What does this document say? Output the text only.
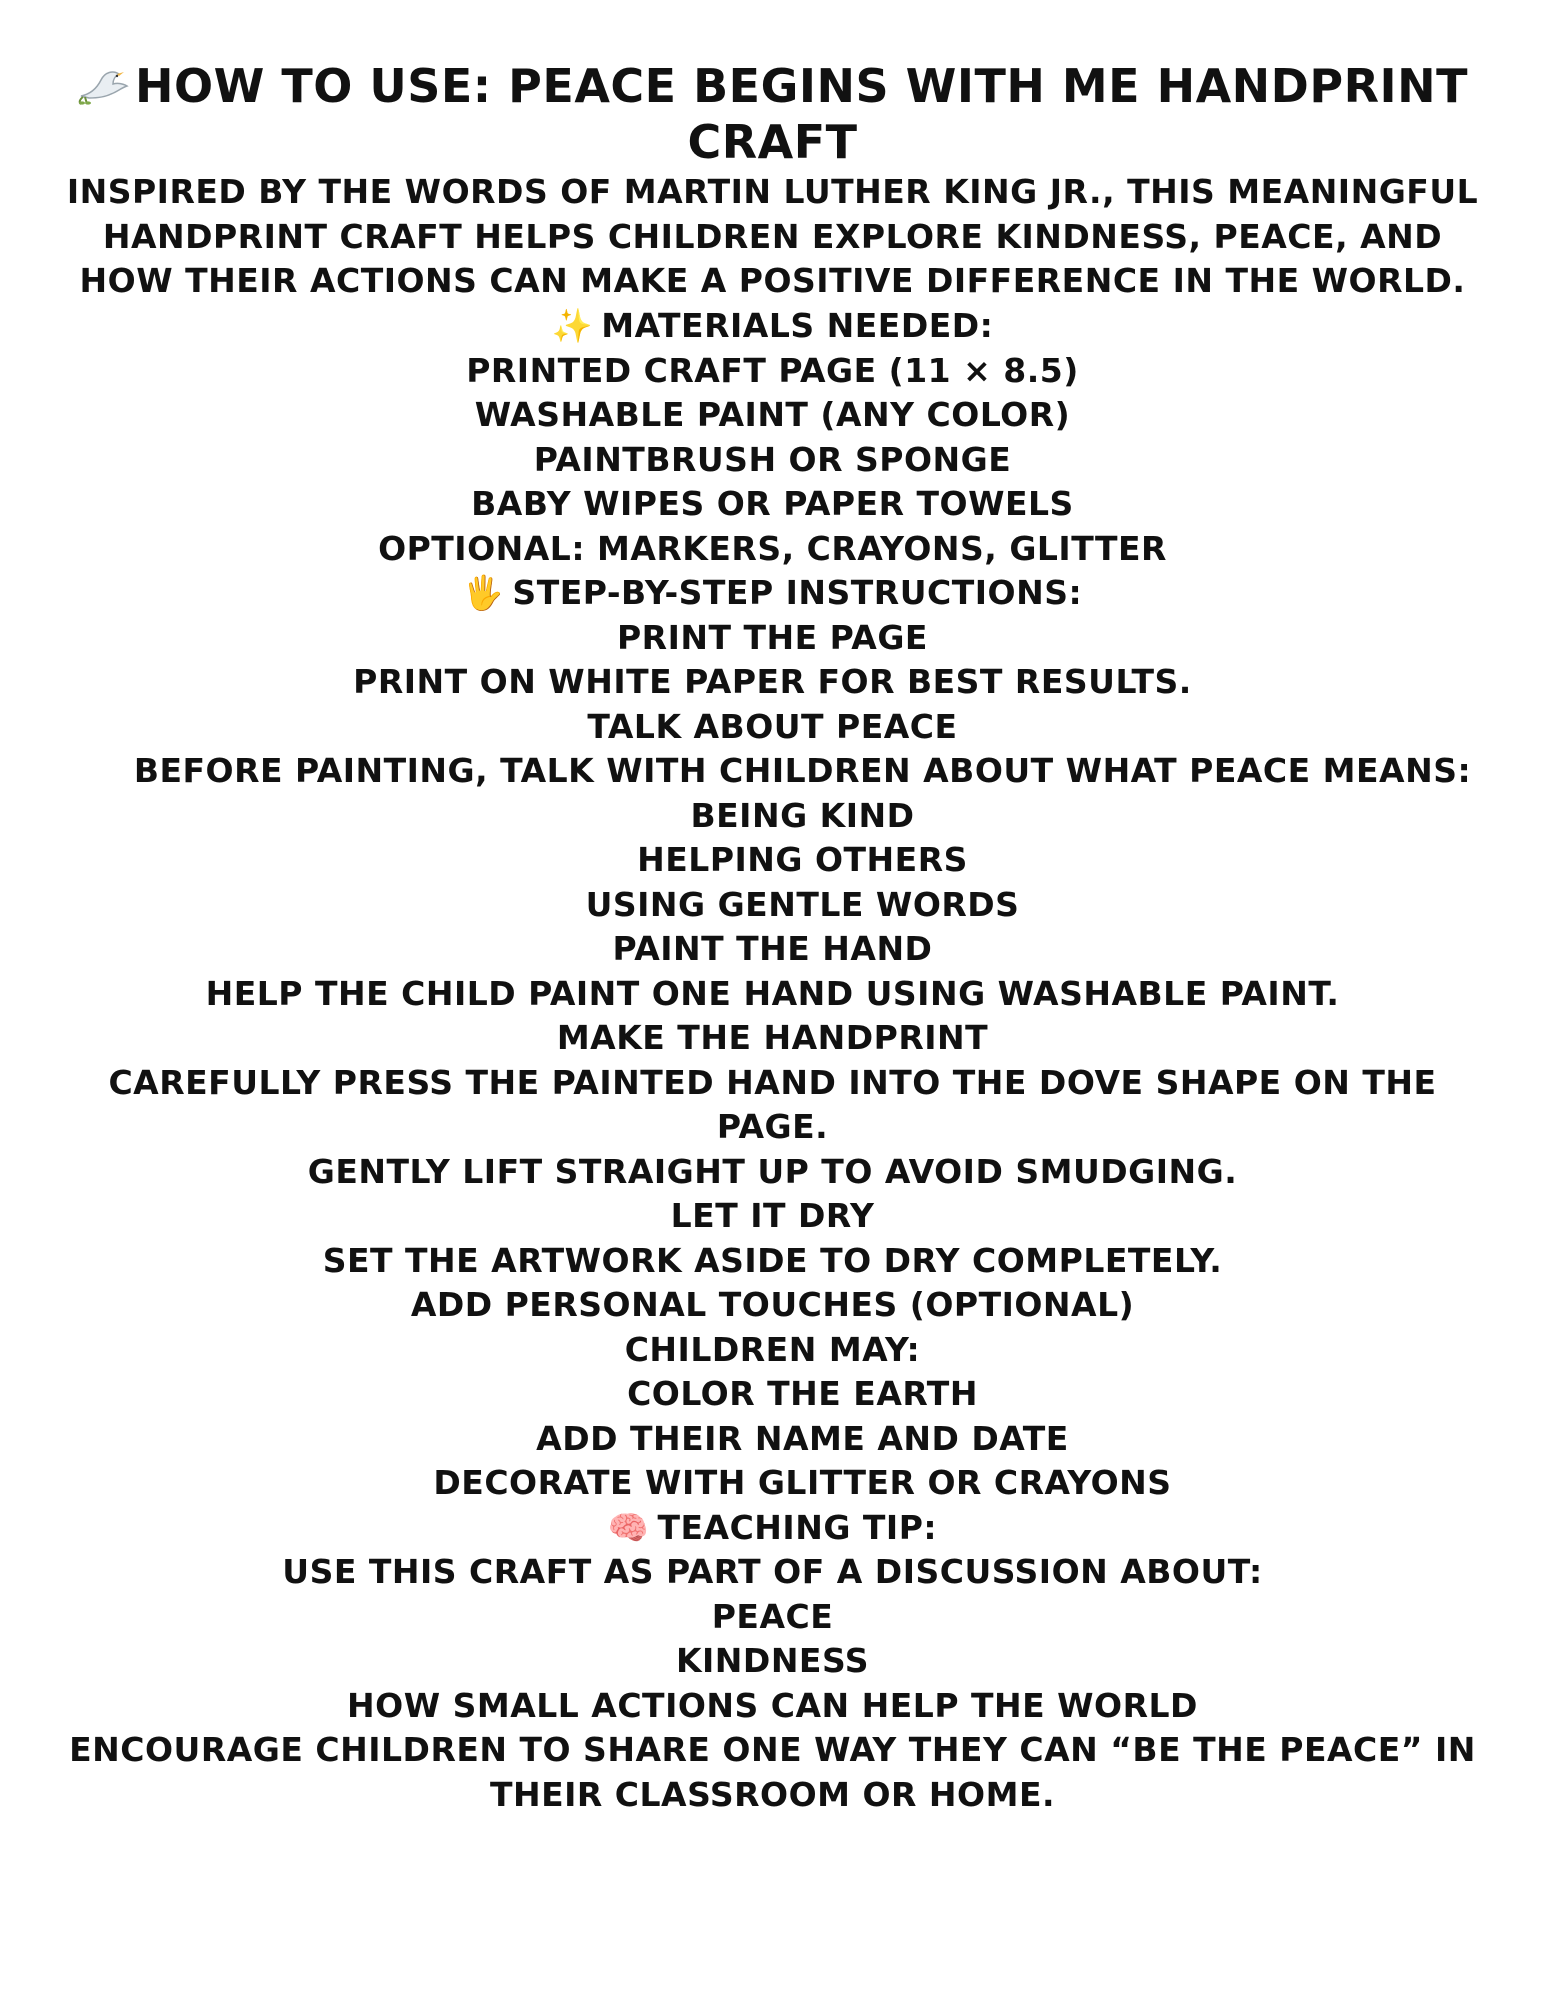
HOW TO USE: PEACE BEGINS WITH ME HANDPRINT CRAFT

INSPIRED BY THE WORDS OF MARTIN LUTHER KING JR., THIS MEANINGFUL HANDPRINT CRAFT HELPS CHILDREN EXPLORE KINDNESS, PEACE, AND HOW THEIR ACTIONS CAN MAKE A POSITIVE DIFFERENCE IN THE WORLD.

✨ MATERIALS NEEDED:
PRINTED CRAFT PAGE (11 × 8.5)
WASHABLE PAINT (ANY COLOR)
PAINTBRUSH OR SPONGE
BABY WIPES OR PAPER TOWELS
OPTIONAL: MARKERS, CRAYONS, GLITTER
🖐 STEP-BY-STEP INSTRUCTIONS:
PRINT THE PAGE
PRINT ON WHITE PAPER FOR BEST RESULTS.
TALK ABOUT PEACE
BEFORE PAINTING, TALK WITH CHILDREN ABOUT WHAT PEACE MEANS:
BEING KIND
HELPING OTHERS
USING GENTLE WORDS
PAINT THE HAND
HELP THE CHILD PAINT ONE HAND USING WASHABLE PAINT.
MAKE THE HANDPRINT
CAREFULLY PRESS THE PAINTED HAND INTO THE DOVE SHAPE ON THE PAGE.
GENTLY LIFT STRAIGHT UP TO AVOID SMUDGING.
LET IT DRY
SET THE ARTWORK ASIDE TO DRY COMPLETELY.
ADD PERSONAL TOUCHES (OPTIONAL)
CHILDREN MAY:
COLOR THE EARTH
ADD THEIR NAME AND DATE
DECORATE WITH GLITTER OR CRAYONS
🧠 TEACHING TIP:
USE THIS CRAFT AS PART OF A DISCUSSION ABOUT:
PEACE
KINDNESS
HOW SMALL ACTIONS CAN HELP THE WORLD
ENCOURAGE CHILDREN TO SHARE ONE WAY THEY CAN “BE THE PEACE” IN THEIR CLASSROOM OR HOME.
